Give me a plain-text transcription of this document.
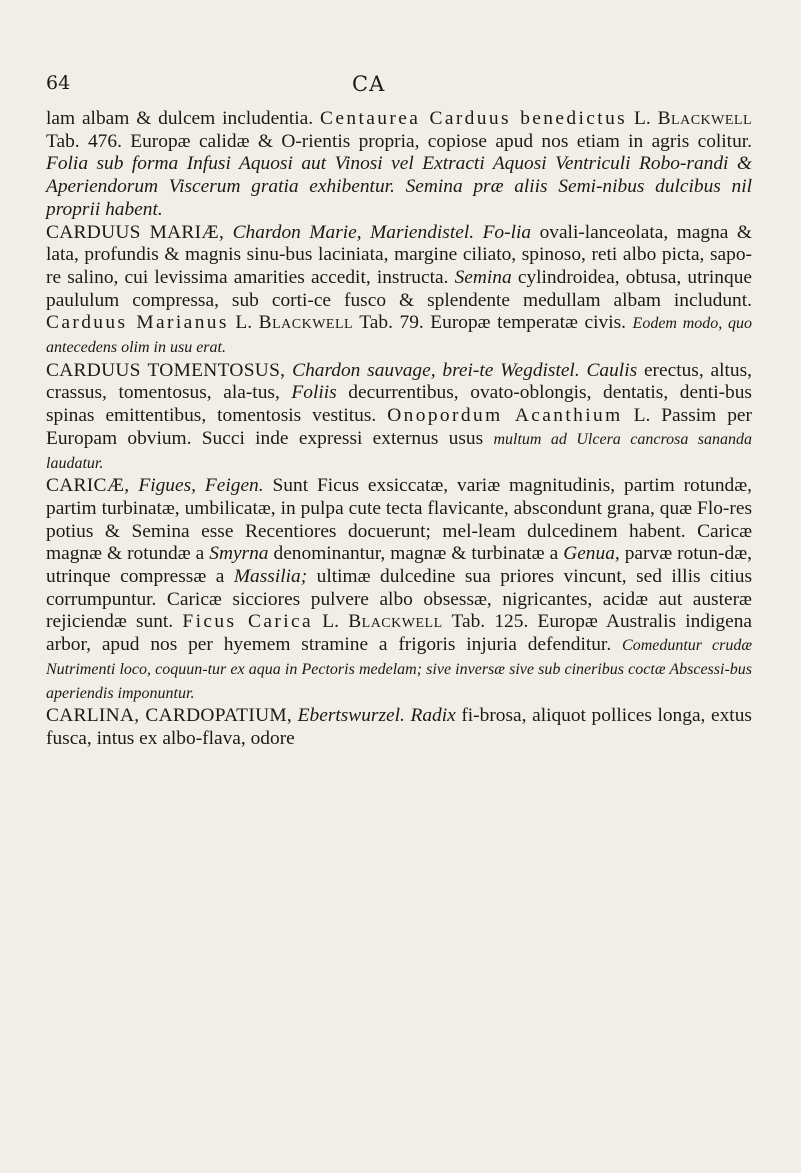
64	CA

lam albam & dulcem includentia. Centaurea Carduus benedictus L. Blackwell Tab. 476. Europæ calidæ & O-rientis propria, copiose apud nos etiam in agris colitur. Folia sub forma Infusi Aquosi aut Vinosi vel Extracti Aquosi Ventriculi Robo-randi & Aperiendorum Viscerum gratia exhibentur. Semina præ aliis Semi-nibus dulcibus nil proprii habent.

CARDUUS MARIÆ, Chardon Marie, Mariendistel. Fo-lia ovali-lanceolata, magna & lata, profundis & magnis sinu-bus laciniata, margine ciliato, spinoso, reti albo picta, sapo-re salino, cui levissima amarities accedit, instructa. Semina cylindroidea, obtusa, utrinque paululum compressa, sub corti-ce fusco & splendente medullam albam includunt. Carduus Marianus L. Blackwell Tab. 79. Europæ temperatæ civis. Eodem modo, quo antecedens olim in usu erat.

CARDUUS TOMENTOSUS, Chardon sauvage, brei-te Wegdistel. Caulis erectus, altus, crassus, tomentosus, ala-tus, Foliis decurrentibus, ovato-oblongis, dentatis, denti-bus spinas emittentibus, tomentosis vestitus. Onopordum Acanthium L. Passim per Europam obvium. Succi inde expressi externus usus multum ad Ulcera cancrosa sananda laudatur.

CARICÆ, Figues, Feigen. Sunt Ficus exsiccatæ, variæ magnitudinis, partim rotundæ, partim turbinatæ, umbilicatæ, in pulpa cute tecta flavicante, abscondunt grana, quæ Flo-res potius & Semina esse Recentiores docuerunt; mel-leam dulcedinem habent. Caricæ magnæ & rotundæ a Smyrna denominantur, magnæ & turbinatæ a Genua, parvæ rotun-dæ, utrinque compressæ a Massilia; ultimæ dulcedine sua priores vincunt, sed illis citius corrumpuntur. Caricæ sicciores pulvere albo obsessæ, nigricantes, acidæ aut austeræ rejiciendæ sunt. Ficus Carica L. Blackwell Tab. 125. Europæ Australis indigena arbor, apud nos per hyemem stramine a frigoris injuria defenditur. Comeduntur crudæ Nutrimenti loco, coquun-tur ex aqua in Pectoris medelam; sive inversæ sive sub cineribus coctæ Abscessi-bus aperiendis imponuntur.

CARLINA, CARDOPATIUM, Ebertswurzel. Radix fi-brosa, aliquot pollices longa, extus fusca, intus ex albo-flava, odore
